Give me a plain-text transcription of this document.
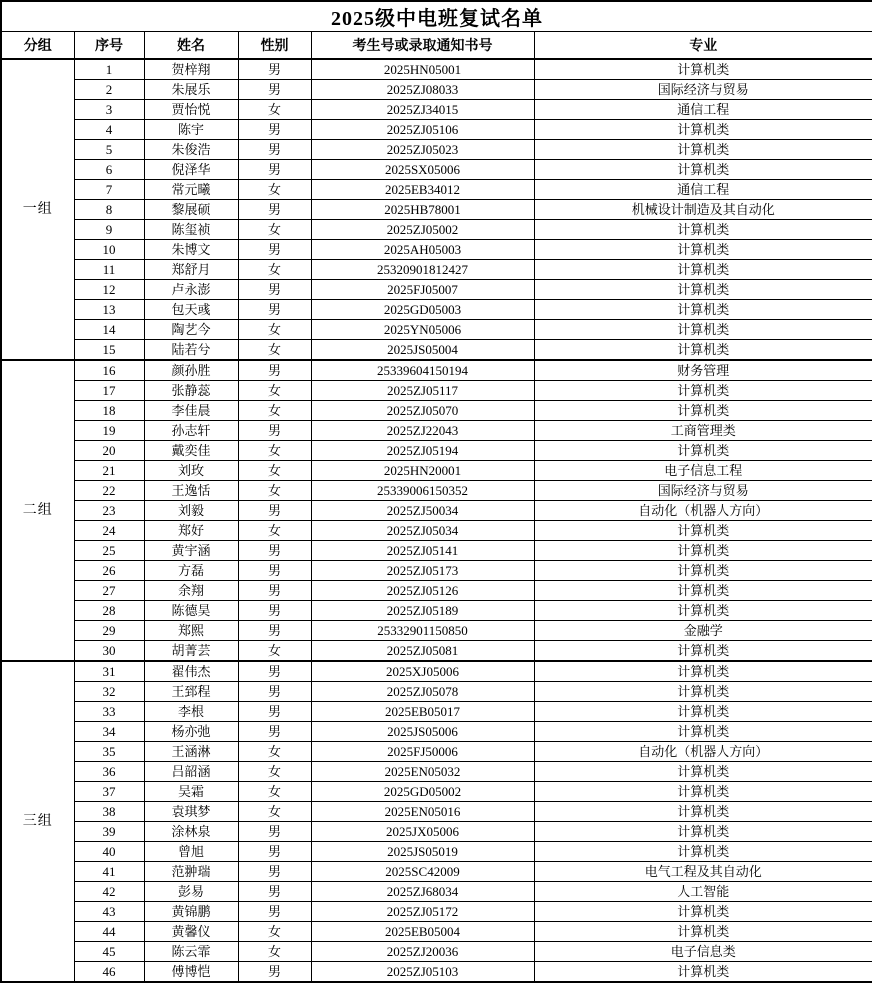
2025级中电班复试名单					
分组	序号	姓名	性别	考生号或录取通知书号	专业
一组	1	贺梓翔	男	2025HN05001	计算机类
	2	朱展乐	男	2025ZJ08033	国际经济与贸易
	3	贾怡悦	女	2025ZJ34015	通信工程
	4	陈宇	男	2025ZJ05106	计算机类
	5	朱俊浩	男	2025ZJ05023	计算机类
	6	倪泽华	男	2025SX05006	计算机类
	7	常元曦	女	2025EB34012	通信工程
	8	黎展硕	男	2025HB78001	机械设计制造及其自动化
	9	陈玺祯	女	2025ZJ05002	计算机类
	10	朱博文	男	2025AH05003	计算机类
	11	郑舒月	女	25320901812427	计算机类
	12	卢永澎	男	2025FJ05007	计算机类
	13	包天彧	男	2025GD05003	计算机类
	14	陶艺今	女	2025YN05006	计算机类
	15	陆若兮	女	2025JS05004	计算机类
二组	16	颜孙胜	男	25339604150194	财务管理
	17	张静蕊	女	2025ZJ05117	计算机类
	18	李佳晨	女	2025ZJ05070	计算机类
	19	孙志轩	男	2025ZJ22043	工商管理类
	20	戴奕佳	女	2025ZJ05194	计算机类
	21	刘玫	女	2025HN20001	电子信息工程
	22	王逸恬	女	25339006150352	国际经济与贸易
	23	刘毅	男	2025ZJ50034	自动化（机器人方向）
	24	郑好	女	2025ZJ05034	计算机类
	25	黄宇涵	男	2025ZJ05141	计算机类
	26	方磊	男	2025ZJ05173	计算机类
	27	余翔	男	2025ZJ05126	计算机类
	28	陈德昊	男	2025ZJ05189	计算机类
	29	郑熙	男	25332901150850	金融学
	30	胡菁芸	女	2025ZJ05081	计算机类
三组	31	翟伟杰	男	2025XJ05006	计算机类
	32	王郅程	男	2025ZJ05078	计算机类
	33	李根	男	2025EB05017	计算机类
	34	杨亦弛	男	2025JS05006	计算机类
	35	王涵淋	女	2025FJ50006	自动化（机器人方向）
	36	吕韶涵	女	2025EN05032	计算机类
	37	吴霜	女	2025GD05002	计算机类
	38	袁琪梦	女	2025EN05016	计算机类
	39	涂林泉	男	2025JX05006	计算机类
	40	曾旭	男	2025JS05019	计算机类
	41	范翀瑞	男	2025SC42009	电气工程及其自动化
	42	彭易	男	2025ZJ68034	人工智能
	43	黄锦鹏	男	2025ZJ05172	计算机类
	44	黄馨仪	女	2025EB05004	计算机类
	45	陈云霏	女	2025ZJ20036	电子信息类
	46	傅博恺	男	2025ZJ05103	计算机类
